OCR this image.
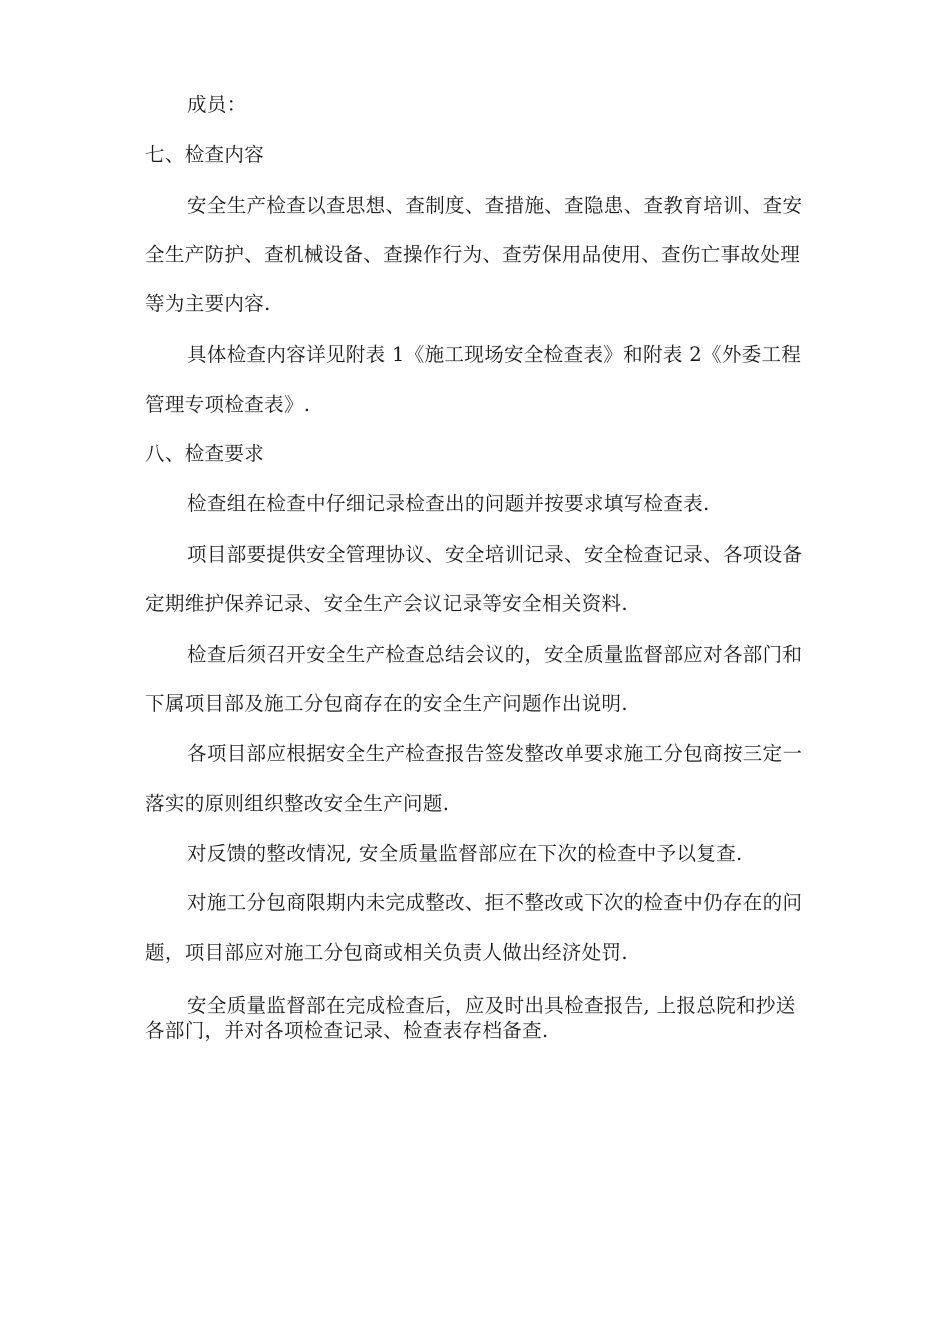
成员：
七、检查内容
安全生产检查以查思想、查制度、查措施、查隐患、查教育培训、查安
全生产防护、查机械设备、查操作行为、查劳保用品使用、查伤亡事故处理
等为主要内容.
具体检查内容详见附表 1《施工现场安全检查表》和附表 2《外委工程
管理专项检查表》.
八、检查要求
检查组在检查中仔细记录检查出的问题并按要求填写检查表.
项目部要提供安全管理协议、安全培训记录、安全检查记录、各项设备
定期维护保养记录、安全生产会议记录等安全相关资料.
检查后须召开安全生产检查总结会议的，安全质量监督部应对各部门和
下属项目部及施工分包商存在的安全生产问题作出说明.
各项目部应根据安全生产检查报告签发整改单要求施工分包商按三定一
落实的原则组织整改安全生产问题.
对反馈的整改情况, 安全质量监督部应在下次的检查中予以复查.
对施工分包商限期内未完成整改、拒不整改或下次的检查中仍存在的问
题，项目部应对施工分包商或相关负责人做出经济处罚.
安全质量监督部在完成检查后，应及时出具检查报告, 上报总院和抄送
各部门，并对各项检查记录、检查表存档备查.
